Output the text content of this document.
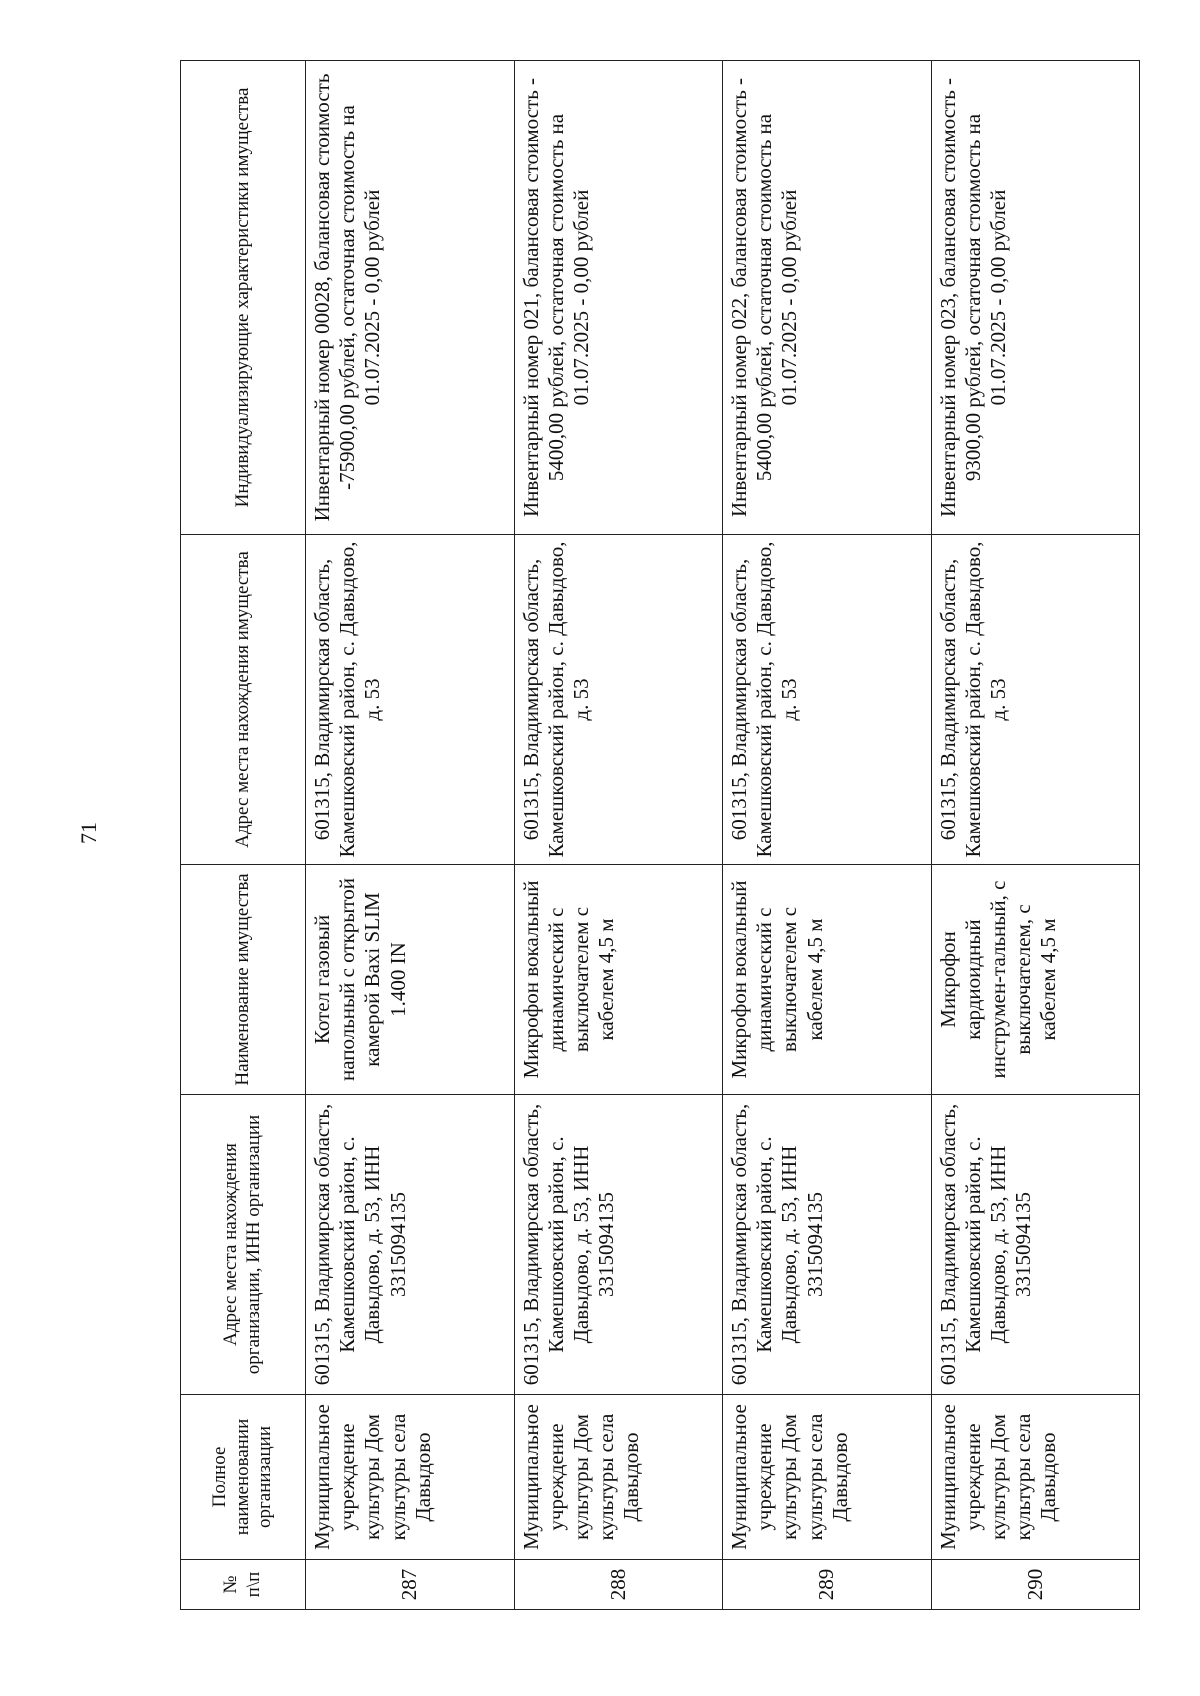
71
№ п\п	Полное наименовании организации	Адрес места нахождения организации, ИНН организации	Наименование имущества	Адрес места нахождения имущества	Индивидуализирующие характеристики имущества
287	Муниципальное учреждение культуры Дом культуры села Давыдово	601315, Владимирская область, Камешковский район, с. Давыдово, д. 53, ИНН 3315094135	Котел газовый напольный с открытой камерой Baxi SLIM 1.400 IN	601315, Владимирская область, Камешковский район, с. Давыдово, д. 53	Инвентарный номер 00028, балансовая стоимость -75900,00 рублей, остаточная стоимость на 01.07.2025 - 0,00 рублей
288	Муниципальное учреждение культуры Дом культуры села Давыдово	601315, Владимирская область, Камешковский район, с. Давыдово, д. 53, ИНН 3315094135	Микрофон вокальный динамический с выключателем с кабелем 4,5 м	601315, Владимирская область, Камешковский район, с. Давыдово, д. 53	Инвентарный номер 021, балансовая стоимость - 5400,00 рублей, остаточная стоимость на 01.07.2025 - 0,00 рублей
289	Муниципальное учреждение культуры Дом культуры села Давыдово	601315, Владимирская область, Камешковский район, с. Давыдово, д. 53, ИНН 3315094135	Микрофон вокальный динамический с выключателем с кабелем 4,5 м	601315, Владимирская область, Камешковский район, с. Давыдово, д. 53	Инвентарный номер 022, балансовая стоимость - 5400,00 рублей, остаточная стоимость на 01.07.2025 - 0,00 рублей
290	Муниципальное учреждение культуры Дом культуры села Давыдово	601315, Владимирская область, Камешковский район, с. Давыдово, д. 53, ИНН 3315094135	Микрофон кардиоидный инструмен-тальный, с выключателем, с кабелем 4,5 м	601315, Владимирская область, Камешковский район, с. Давыдово, д. 53	Инвентарный номер 023, балансовая стоимость - 9300,00 рублей, остаточная стоимость на 01.07.2025 - 0,00 рублей
